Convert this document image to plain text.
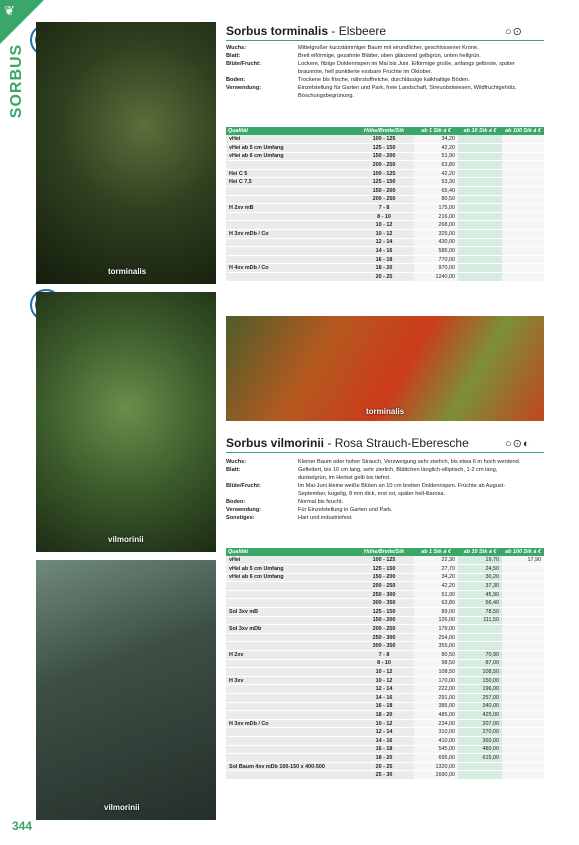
❦
SORBUS
torminalis
vilmorinii
vilmorinii
torminalis
Sorbus torminalis - Elsbeere	○⊙
Wuchs:	Mittelgroßer kurzstämmiger Baum mit eirundlicher, geschlossener Krone.
Blatt:	Breit eiförmige, gezahnte Blätter, oben glänzend gelbgrün, unten hellgrün.
Blüte/Frucht:	Lockere, filzige Doldenrispen im Mai bis Juni. Eiförmige große, anfangs gelbrote, später
braunrote, hell punktierte essbare Früchte im Oktober.
Boden:	Trockene bis frische, nährstoffreiche, durchlässige kalkhaltige Böden.
Verwendung:	Einzelstellung für Garten und Park, freie Landschaft, Streuobstwiesen, Wildfruchtgehölz,
Böschungsbegrünung.
Qualität	Höhe/Breite/Stk	ab 1 Stk á €	ab 10 Stk á €	ab 100 Stk á €
vHei	100 - 125	34,20		
vHei ab 5 cm Umfang	125 - 150	42,20		
vHei ab 6 cm Umfang	150 - 200	51,90		
	200 - 250	63,80		
Hei C 5	100 - 125	42,20		
Hei C 7,5	125 - 150	53,30		
	150 - 200	65,40		
	200 - 250	80,50		
H 2xv mB	7 - 8	175,00		
	8 - 10	216,00		
	10 - 12	268,00		
H 3xv mDb / Co	10 - 12	325,00		
	12 - 14	430,00		
	14 - 16	585,00		
	16 - 18	770,00		
H 4xv mDb / Co	18 - 20	970,00		
	20 - 25	1240,00		
Sorbus vilmorinii - Rosa Strauch-Eberesche	○⊙◐
Wuchs:	Kleiner Baum oder hoher Strauch, Verzweigung sehr zierlich, bis etwa 6 m hoch werdend.
Blatt:	Gefiedert, bis 10 cm lang, sehr zierlich, Blättchen länglich-elliptisch, 1-2 cm lang,
dunkelgrün, im Herbst gelb bis tiefrot.
Blüte/Frucht:	Im Mai-Juni kleine weiße Blüten an 10 cm breiten Doldenrispen. Früchte ab August-
September, kugelig, 8 mm dick, erst rot, später hell-lilarosa.
Boden:	Normal bis feucht.
Verwendung:	Für Einzelstellung in Garten und Park.
Sonstiges:	Hart und industriefest.
Qualität	Höhe/Breite/Stk	ab 1 Stk á €	ab 10 Stk á €	ab 100 Stk á €
vHei	100 - 125	22,30	19,70	17,90
vHei ab 5 cm Umfang	125 - 150	27,70	24,50	
vHei ab 6 cm Umfang	150 - 200	34,20	30,20	
	200 - 250	42,20	37,30	
	250 - 300	51,90	45,90	
	300 - 350	63,80	56,40	
Sol 3xv mB	125 - 150	89,00	78,50	
	150 - 200	126,00	111,50	
Sol 3xv mDb	200 - 250	179,00		
	250 - 300	254,00		
	300 - 350	355,00		
H 2xv	7 - 8	80,50	70,90	
	8 - 10	98,50	87,00	
	10 - 12	108,50	108,50	
H 3xv	10 - 12	170,00	150,00	
	12 - 14	222,00	196,00	
	14 - 16	291,00	257,00	
	16 - 18	385,00	340,00	
	18 - 20	485,00	425,00	
H 3xv mDb / Co	10 - 12	234,00	207,00	
	12 - 14	310,00	270,00	
	14 - 16	410,00	360,00	
	16 - 18	545,00	480,00	
	18 - 20	695,00	615,00	
Sol Baum 4xv mDb 100-150 x 400-500	20 - 25	1320,00		
	25 - 30	1690,00		
344
